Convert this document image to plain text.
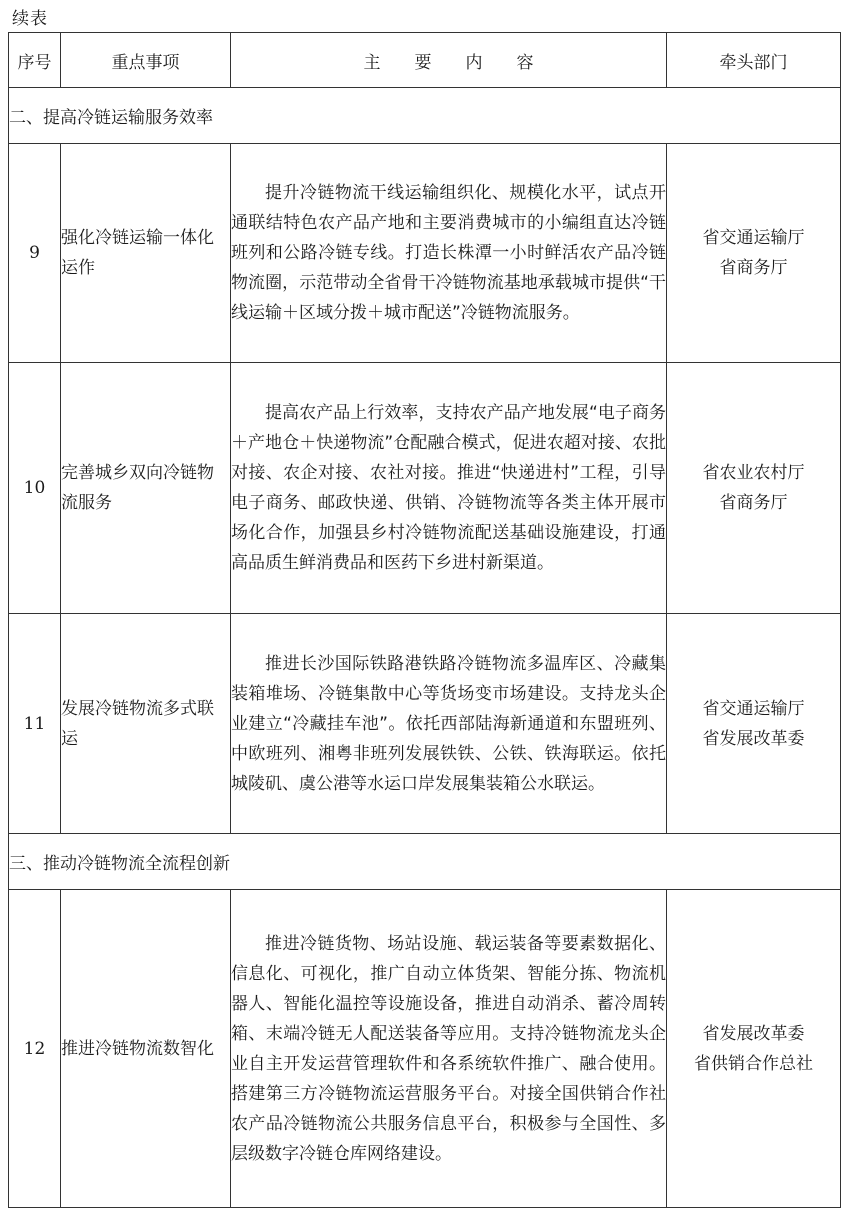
续表
序号	重点事项	主　　要　　内　　容	牵头部门
二、提高冷链运输服务效率			
9	强化冷链运输一体化运作	提升冷链物流干线运输组织化、规模化水平，试点开通联结特色农产品产地和主要消费城市的小编组直达冷链班列和公路冷链专线。打造长株潭一小时鲜活农产品冷链物流圈，示范带动全省骨干冷链物流基地承载城市提供“干线运输＋区域分拨＋城市配送”冷链物流服务。	省交通运输厅
省商务厅

10	完善城乡双向冷链物流服务	提高农产品上行效率，支持农产品产地发展“电子商务＋产地仓＋快递物流”仓配融合模式，促进农超对接、农批对接、农企对接、农社对接。推进“快递进村”工程，引导电子商务、邮政快递、供销、冷链物流等各类主体开展市场化合作，加强县乡村冷链物流配送基础设施建设，打通高品质生鲜消费品和医药下乡进村新渠道。	省农业农村厅
省商务厅

11	发展冷链物流多式联运	推进长沙国际铁路港铁路冷链物流多温库区、冷藏集装箱堆场、冷链集散中心等货场变市场建设。支持龙头企业建立“冷藏挂车池”。依托西部陆海新通道和东盟班列、中欧班列、湘粤非班列发展铁铁、公铁、铁海联运。依托城陵矶、虞公港等水运口岸发展集装箱公水联运。	省交通运输厅
省发展改革委

三、推动冷链物流全流程创新			
12	推进冷链物流数智化	推进冷链货物、场站设施、载运装备等要素数据化、信息化、可视化，推广自动立体货架、智能分拣、物流机器人、智能化温控等设施设备，推进自动消杀、蓄冷周转箱、末端冷链无人配送装备等应用。支持冷链物流龙头企业自主开发运营管理软件和各系统软件推广、融合使用。搭建第三方冷链物流运营服务平台。对接全国供销合作社农产品冷链物流公共服务信息平台，积极参与全国性、多层级数字冷链仓库网络建设。	省发展改革委
省供销合作总社
